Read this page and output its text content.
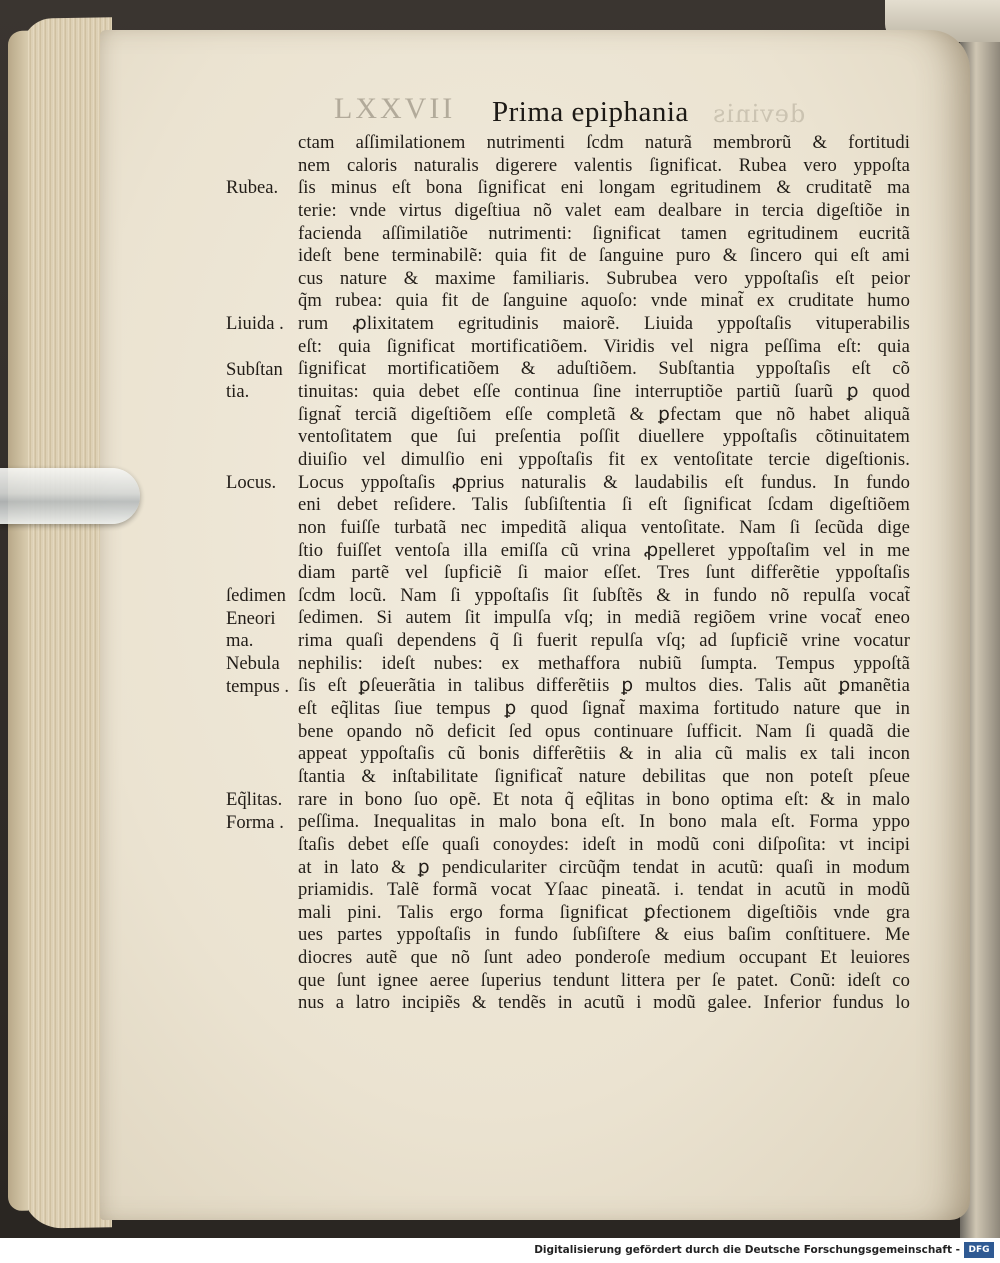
LXXVII Prima epiphania devinis
ctam aſſimilationem nutrimenti ſcdm naturã membrorũ & fortitudi
nem caloris naturalis digerere valentis ſignificat. Rubea vero yppoſta
ſis minus eſt bona ſignificat eni longam egritudinem & cruditatẽ ma
terie: vnde virtus digeſtiua nõ valet eam dealbare in tercia digeſtiõe in
facienda aſſimilatiõe nutrimenti: ſignificat tamen egritudinem eucritã
ideſt bene terminabilẽ: quia fit de ſanguine puro & ſincero qui eſt ami
cus nature & maxime familiaris. Subrubea vero yppoſtaſis eſt peior
q̃m rubea: quia fit de ſanguine aquoſo: vnde minat̃ ex cruditate humo
rum ꝓlixitatem egritudinis maiorẽ. Liuida yppoſtaſis vituperabilis
eſt: quia ſignificat mortificatiõem. Viridis vel nigra peſſima eſt: quia
ſignificat mortificatiõem & aduſtiõem. Subſtantia yppoſtaſis eſt cõ
tinuitas: quia debet eſſe continua ſine interruptiõe partiũ ſuarũ ꝑ quod
ſignat̃ terciã digeſtiõem eſſe completã & ꝑfectam que nõ habet aliquã
ventoſitatem que ſui preſentia poſſit diuellere yppoſtaſis cõtinuitatem
diuiſio vel dimulſio eni yppoſtaſis fit ex ventoſitate tercie digeſtionis.
Locus yppoſtaſis ꝓprius naturalis & laudabilis eſt fundus. In fundo
eni debet reſidere. Talis ſubſiſtentia ſi eſt ſignificat ſcdam digeſtiõem
non fuiſſe turbatã nec impeditã aliqua ventoſitate. Nam ſi ſecũda dige
ſtio fuiſſet ventoſa illa emiſſa cũ vrina ꝓpelleret yppoſtaſim vel in me
diam partẽ vel ſupficiẽ ſi maior eſſet. Tres ſunt differẽtie yppoſtaſis
ſcdm locũ. Nam ſi yppoſtaſis ſit ſubſtẽs & in fundo nõ repulſa vocat̃
ſedimen. Si autem ſit impulſa vſq; in mediã regiõem vrine vocat̃ eneo
rima quaſi dependens q̃ ſi fuerit repulſa vſq; ad ſupficiẽ vrine vocatur
nephilis: ideſt nubes: ex methaffora nubiũ ſumpta. Tempus yppoſtã
ſis eſt ꝑſeuerãtia in talibus differẽtiis ꝑ multos dies. Talis aũt ꝑmanẽtia
eſt eq̃litas ſiue tempus ꝑ quod ſignat̃ maxima fortitudo nature que in
bene opando nõ deficit ſed opus continuare ſufficit. Nam ſi quadã die
appeat yppoſtaſis cũ bonis differẽtiis & in alia cũ malis ex tali incon
ſtantia & inſtabilitate ſignificat̃ nature debilitas que non poteſt pſeue
rare in bono ſuo opẽ. Et nota q̃ eq̃litas in bono optima eſt: & in malo
peſſima. Inequalitas in malo bona eſt. In bono mala eſt. Forma yppo
ſtaſis debet eſſe quaſi conoydes: ideſt in modũ coni diſpoſita: vt incipi
at in lato & ꝑ pendiculariter circũq̃m tendat in acutũ: quaſi in modum
priamidis. Talẽ formã vocat Yſaac pineatã. i. tendat in acutũ in modũ
mali pini. Talis ergo forma ſignificat ꝑfectionem digeſtiõis vnde gra
ues partes yppoſtaſis in fundo ſubſiſtere & eius baſim conſtituere. Me
diocres autẽ que nõ ſunt adeo ponderoſe medium occupant Et leuiores
que ſunt ignee aeree ſuperius tendunt littera per ſe patet. Conũ: ideſt co
nus a latro incipiẽs & tendẽs in acutũ i modũ galee. Inferior fundus lo
Rubea.
Liuida .
Subſtan
tia.
Locus.
ſedimen
Eneori
ma.
Nebula
tempus .
Eq̃litas.
Forma .
Digitalisierung gefördert durch die Deutsche Forschungsgemeinschaft - DFG
